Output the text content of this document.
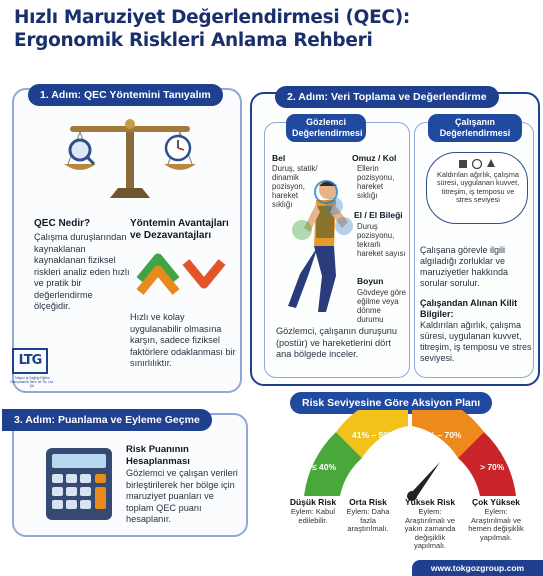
Hızlı Maruziyet Değerlendirmesi (QEC):
Ergonomik Riskleri Anlama Rehberi
1. Adım: QEC Yöntemini Tanıyalım
QEC Nedir?
Çalışma duruşlarından kaynaklanan kaynaklanan fiziksel riskleri analiz eden hızlı ve pratik bir değerlendirme ölçeğidir.
Yöntemin Avantajları ve Dezavantajları
Hızlı ve kolay uygulanabilir olmasına karşın, sadece fiziksel faktörlere odaklanması bir sınırlılıktır.
LTG
Tokgöz İş Sağlığı Eğitim Danışmanlık Serv. ve Tic. Ltd. Şti.
2. Adım: Veri Toplama ve Değerlendirme
Gözlemci Değerlendirmesi
Bel
Duruş, statik/ dinamik pozisyon, hareket sıklığı
Omuz / Kol
Ellerin pozisyonu, hareket sıklığı
El / El Bileği
Duruş pozisyonu, tekrarlı hareket sayısı
Boyun
Gövdeye göre eğilme veya dönme durumu
Gözlemci, çalışanın duruşunu (postür) ve hareketlerini dört ana bölgede inceler.
Çalışanın Değerlendirmesi
Kaldırılan ağırlık, çalışma süresi, uygulanan kuvvet, titreşim, iş temposu ve stres seviyesi
Çalışana görevle ilgili algıladığı zorluklar ve maruziyetler hakkında sorular sorulur.
Çalışandan Alınan Kilit Bilgiler:
Kaldırılan ağırlık, çalışma süresi, uygulanan kuvvet, titreşim, iş temposu ve stres seviyesi.
3. Adım: Puanlama ve Eyleme Geçme
Risk Puanının Hesaplanması
Gözlemci ve çalışan verileri birleştirilerek her bölge için maruziyet puanları ve toplam QEC puanı hesaplanır.
Risk Seviyesine Göre Aksiyon Planı
≤ 40%
41% – 50%	51% – 70%
> 70%
Düşük Risk
Eylem: Kabul edilebilir.
Orta Risk
Eylem: Daha fazla araştırılmalı.
Yüksek Risk
Eylem: Araştırılmalı ve yakın zamanda değişiklik yapılmalı.
Çok Yüksek
Eylem: Araştırılmalı ve hemen değişiklik yapılmalı.
www.tokgozgroup.com
